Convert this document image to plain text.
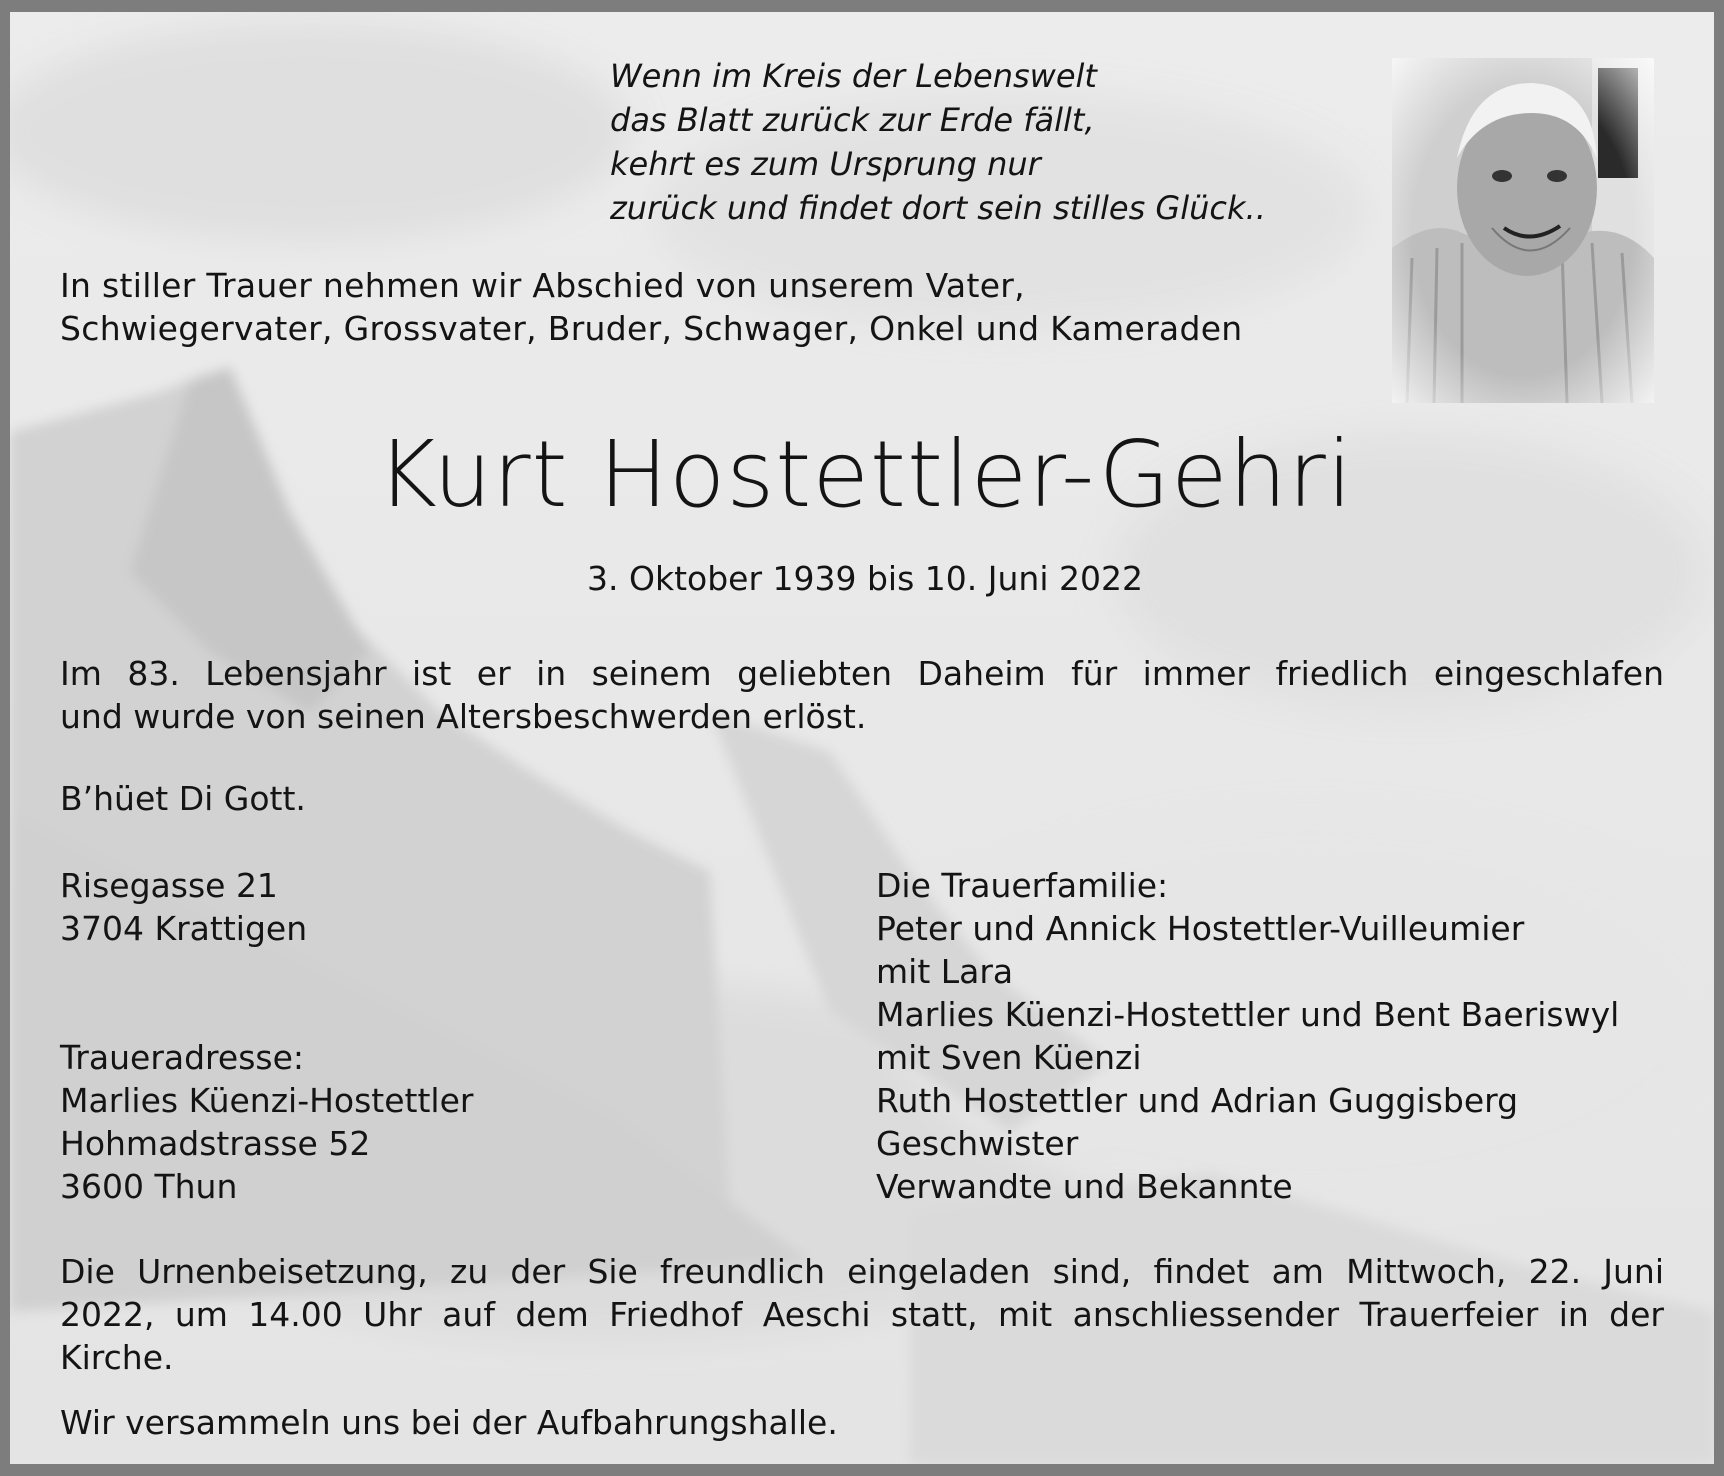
Wenn im Kreis der Lebenswelt
das Blatt zurück zur Erde fällt,
kehrt es zum Ursprung nur
zurück und findet dort sein stilles Glück..
In stiller Trauer nehmen wir Abschied von unserem Vater,
Schwiegervater, Grossvater, Bruder, Schwager, Onkel und Kameraden
Kurt Hostettler-Gehri
3. Oktober 1939 bis 10. Juni 2022
Im 83. Lebensjahr ist er in seinem geliebten Daheim für immer friedlich eingeschlafen
und wurde von seinen Altersbeschwerden erlöst.
B’hüet Di Gott.
Risegasse 21
3704 Krattigen
Traueradresse:
Marlies Küenzi-Hostettler
Hohmadstrasse 52
3600 Thun
Die Trauerfamilie:
Peter und Annick Hostettler-Vuilleumier
mit Lara
Marlies Küenzi-Hostettler und Bent Baeriswyl
mit Sven Küenzi
Ruth Hostettler und Adrian Guggisberg
Geschwister
Verwandte und Bekannte
Die Urnenbeisetzung, zu der Sie freundlich eingeladen sind, findet am Mittwoch, 22. Juni
2022, um 14.00 Uhr auf dem Friedhof Aeschi statt, mit anschliessender Trauerfeier in der
Kirche.
Wir versammeln uns bei der Aufbahrungshalle.
